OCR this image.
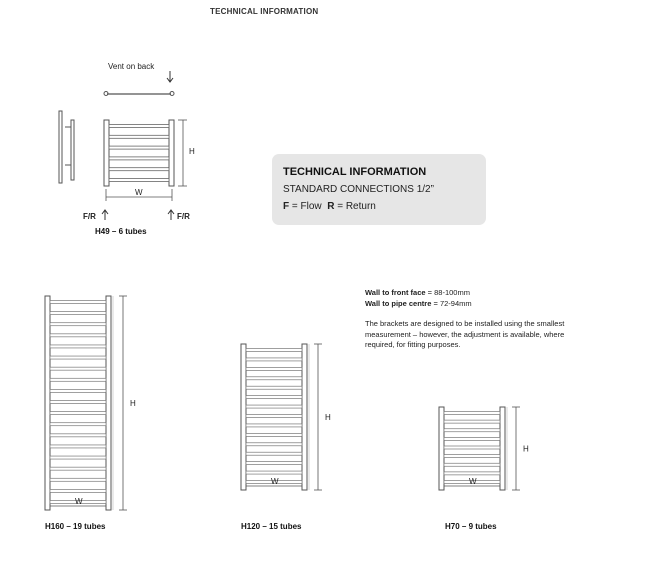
TECHNICAL INFORMATION
Vent on back
H
W
F/R	F/R
H49 – 6 tubes
TECHNICAL INFORMATION
STANDARD CONNECTIONS 1/2”
F = Flow  R = Return

Wall to front face = 88-100mm

Wall to pipe centre = 72-94mm

The brackets are designed to be installed using the smallest measurement – however, the adjustment is available, where required, for fitting purposes.

H
W
H
W
H
W
H160 – 19 tubes	H120 – 15 tubes	H70 – 9 tubes
